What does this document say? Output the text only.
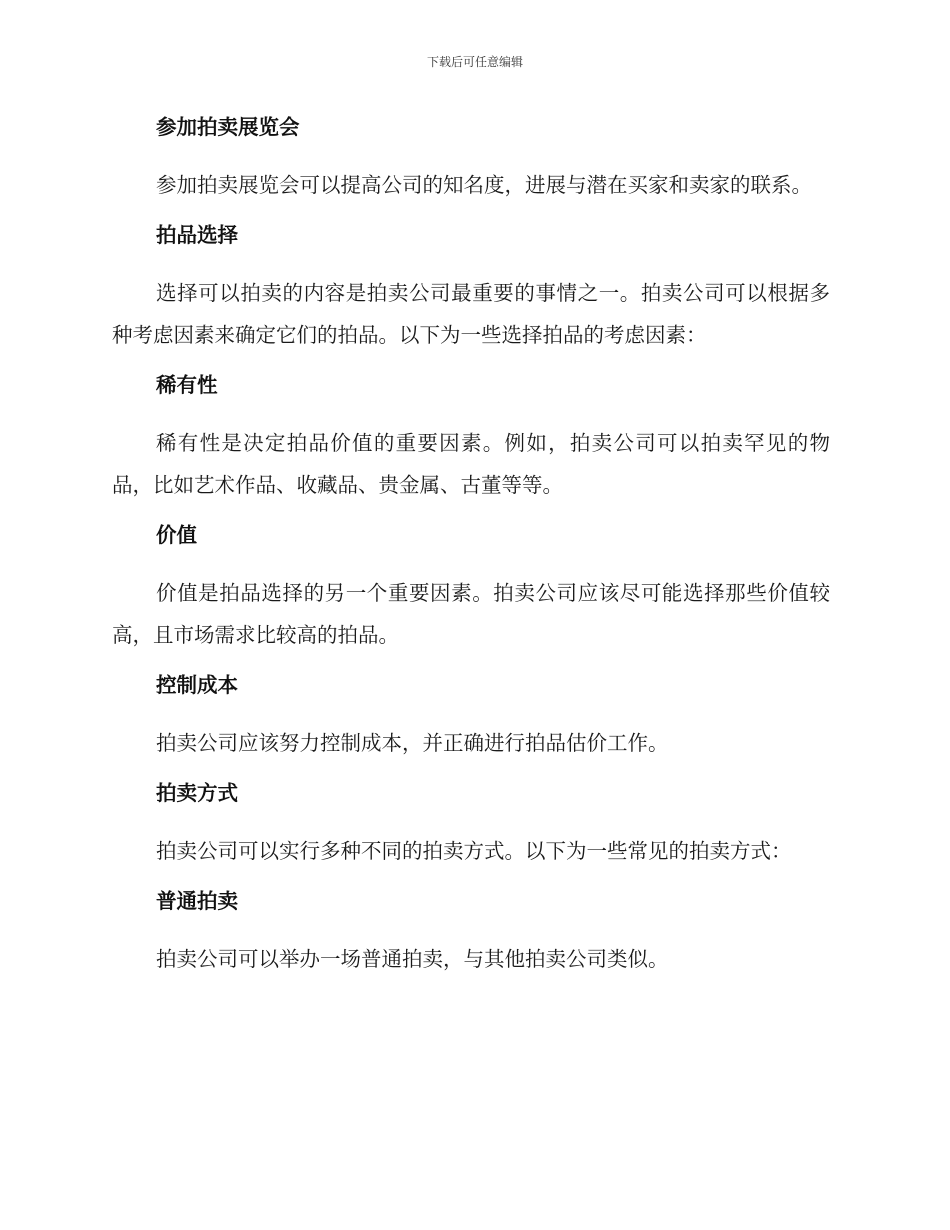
下载后可任意编辑
参加拍卖展览会

参加拍卖展览会可以提高公司的知名度，进展与潜在买家和卖家的联系。

拍品选择

选择可以拍卖的内容是拍卖公司最重要的事情之一。拍卖公司可以根据多种考虑因素来确定它们的拍品。以下为一些选择拍品的考虑因素：

稀有性

稀有性是决定拍品价值的重要因素。例如，拍卖公司可以拍卖罕见的物品，比如艺术作品、收藏品、贵金属、古董等等。

价值

价值是拍品选择的另一个重要因素。拍卖公司应该尽可能选择那些价值较高，且市场需求比较高的拍品。

控制成本

拍卖公司应该努力控制成本，并正确进行拍品估价工作。

拍卖方式

拍卖公司可以实行多种不同的拍卖方式。以下为一些常见的拍卖方式：

普通拍卖

拍卖公司可以举办一场普通拍卖，与其他拍卖公司类似。
